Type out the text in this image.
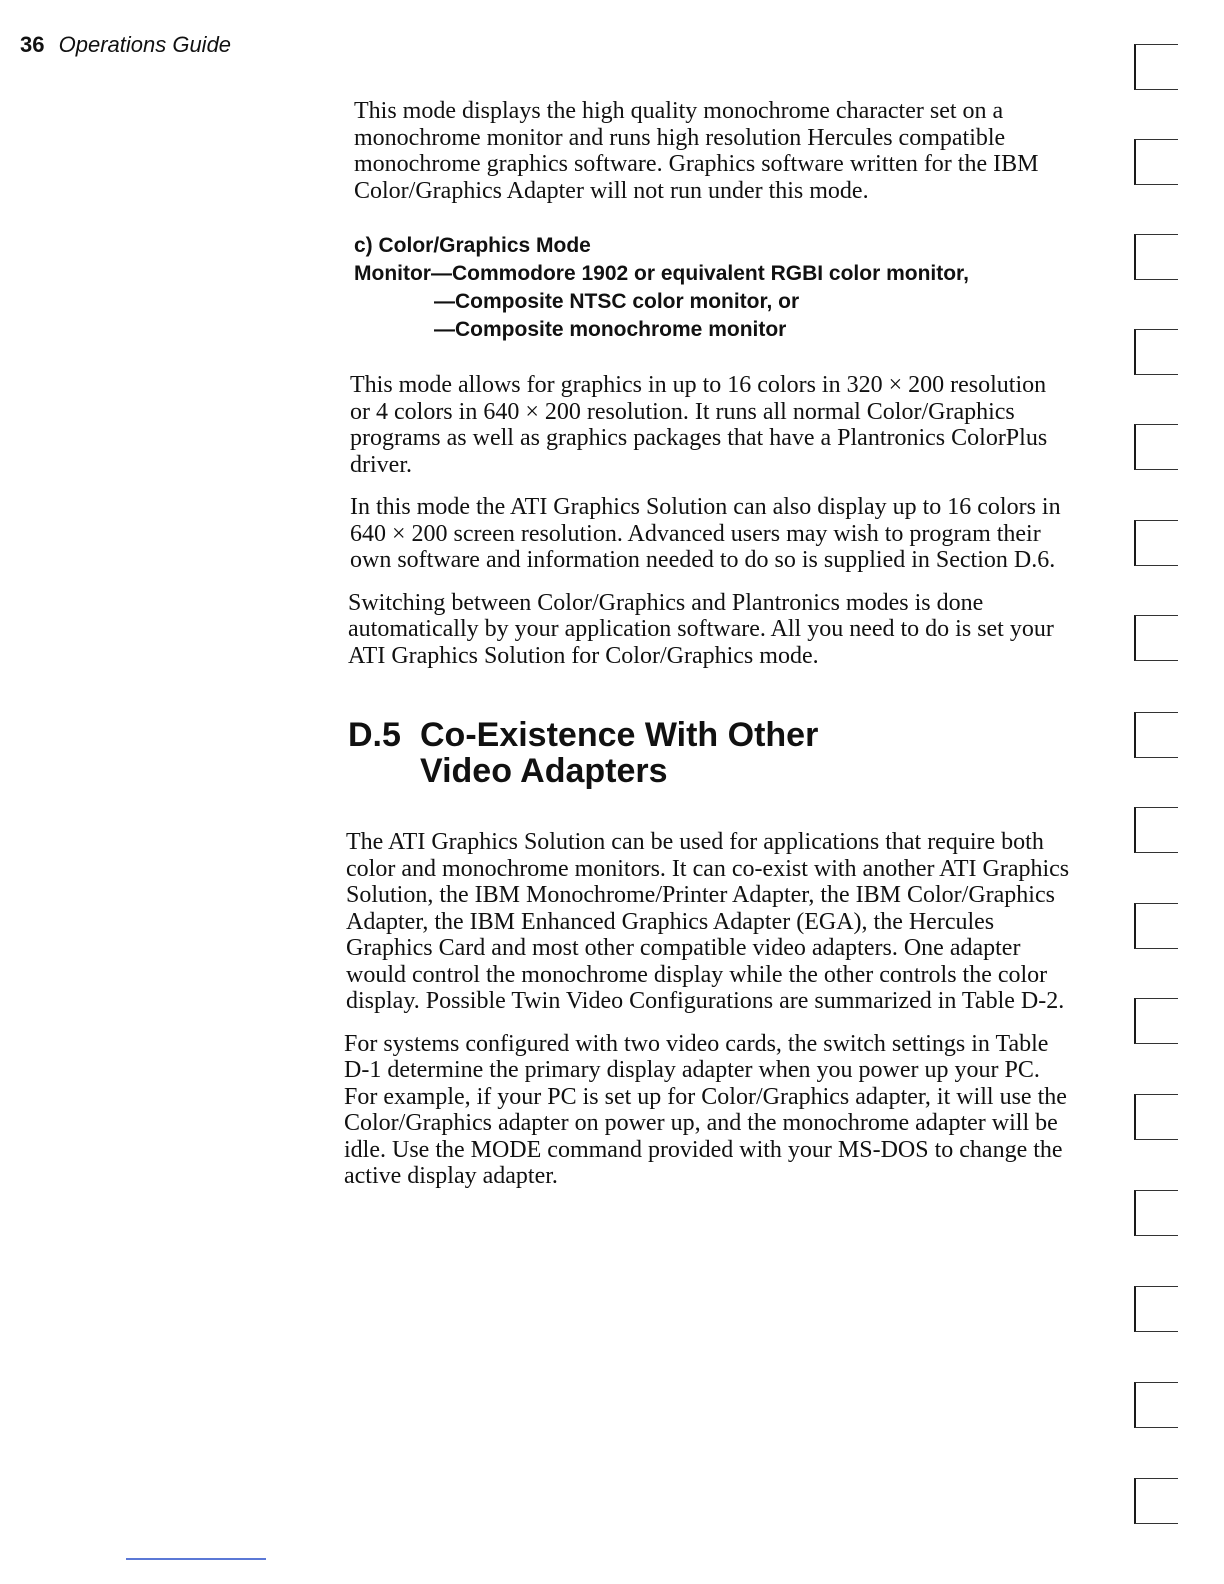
36 Operations Guide

This mode displays the high quality monochrome character set on a monochrome monitor and runs high resolution Hercules compatible monochrome graphics software. Graphics software written for the IBM Color/Graphics Adapter will not run under this mode.

c) Color/Graphics Mode
Monitor—Commodore 1902 or equivalent RGBI color monitor,
—Composite NTSC color monitor, or
—Composite monochrome monitor

This mode allows for graphics in up to 16 colors in 320 × 200 resolution or 4 colors in 640 × 200 resolution. It runs all normal Color/Graphics programs as well as graphics packages that have a Plantronics ColorPlus driver.

In this mode the ATI Graphics Solution can also display up to 16 colors in 640 × 200 screen resolution. Advanced users may wish to program their own software and information needed to do so is supplied in Section D.6.

Switching between Color/Graphics and Plantronics modes is done automatically by your application software. All you need to do is set your ATI Graphics Solution for Color/Graphics mode.

D.5 Co-Existence With Other
Video Adapters

The ATI Graphics Solution can be used for applications that require both color and monochrome monitors. It can co-exist with another ATI Graphics Solution, the IBM Monochrome/Printer Adapter, the IBM Color/Graphics Adapter, the IBM Enhanced Graphics Adapter (EGA), the Hercules Graphics Card and most other compatible video adapters. One adapter would control the monochrome display while the other controls the color display. Possible Twin Video Configurations are summarized in Table D-2.

For systems configured with two video cards, the switch settings in Table D-1 determine the primary display adapter when you power up your PC. For example, if your PC is set up for Color/Graphics adapter, it will use the Color/Graphics adapter on power up, and the monochrome adapter will be idle. Use the MODE command provided with your MS-DOS to change the active display adapter.
